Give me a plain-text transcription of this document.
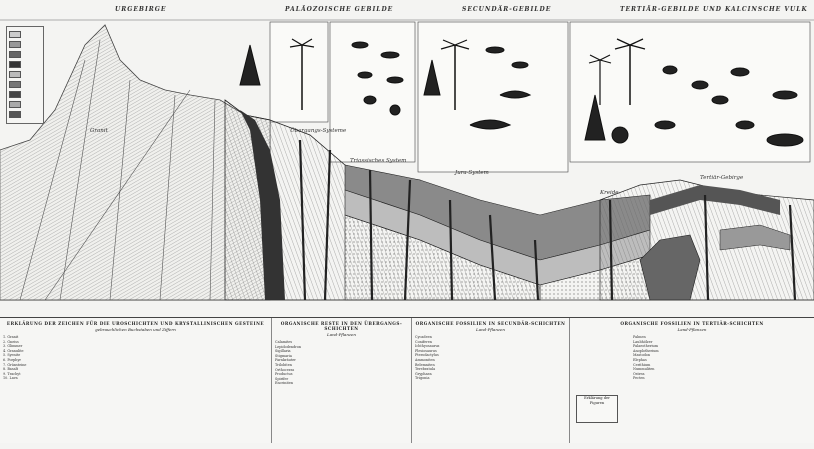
URGEBIRGE	PALÄOZOISCHE GEBILDE	SECUNDÄR-GEBILDE	TERTIÄR-GEBILDE UND KALCINSCHE VULK
Granit	Übergangs-Systeme
Triassisches System
Jura-System
Kreide
Tertiär-Gebirge
ERKLÄRUNG DER ZEICHEN FÜR DIE UROSCHICHTEN UND KRYSTALLINISCHEN GESTEINE
gebrauchlichen Buchstaben und Ziffern
1. Granit
2. Gneiss
3. Glimmer
4. Granulite
5. Syenite
6. Porphyr
7. Grünsteine
8. Basalt
9. Trachyt
10. Lava
ORGANISCHE RESTE IN DEN ÜBERGANGS-SCHICHTEN
Land-Pflanzen
Calamites
Lepidodendron
Sigillaria
Stigmaria
Farnkräuter
Trilobiten
Orthoceras
Productus
Spirifer
Encriniten
ORGANISCHE FOSSILIEN IN SECUNDÄR-SCHICHTEN
Land-Pflanzen
Cycadeen
Coniferen
Ichthyosaurus
Plesiosaurus
Pterodactylus
Ammoniten
Belemniten
Terebratula
Gryphaea
Trigonia
ORGANISCHE FOSSILIEN IN TERTIÄR-SCHICHTEN
Land-Pflanzen
Palmen
Laubhölzer
Palaeotherium
Anoplotherium
Mastodon
Elephas
Cerithium
Nummuliten
Ostrea
Pecten
Erklärung der Figuren
